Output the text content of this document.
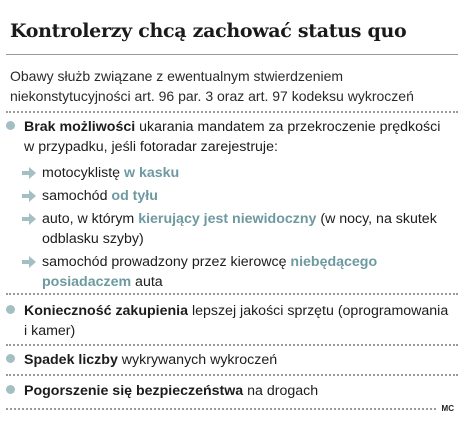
Kontrolerzy chcą zachować status quo
Obawy służb związane z ewentualnym stwierdzeniem niekonstytucyjności art. 96 par. 3 oraz art. 97 kodeksu wykroczeń
Brak możliwości ukarania mandatem za przekroczenie prędkości w przypadku, jeśli fotoradar zarejestruje:
motocyklistę w kasku
samochód od tyłu
auto, w którym kierujący jest niewidoczny (w nocy, na skutek odblasku szyby)
samochód prowadzony przez kierowcę niebędącego posiadaczem auta
Konieczność zakupienia lepszej jakości sprzętu (oprogramowania i kamer)
Spadek liczby wykrywanych wykroczeń
Pogorszenie się bezpieczeństwa na drogach
MC
